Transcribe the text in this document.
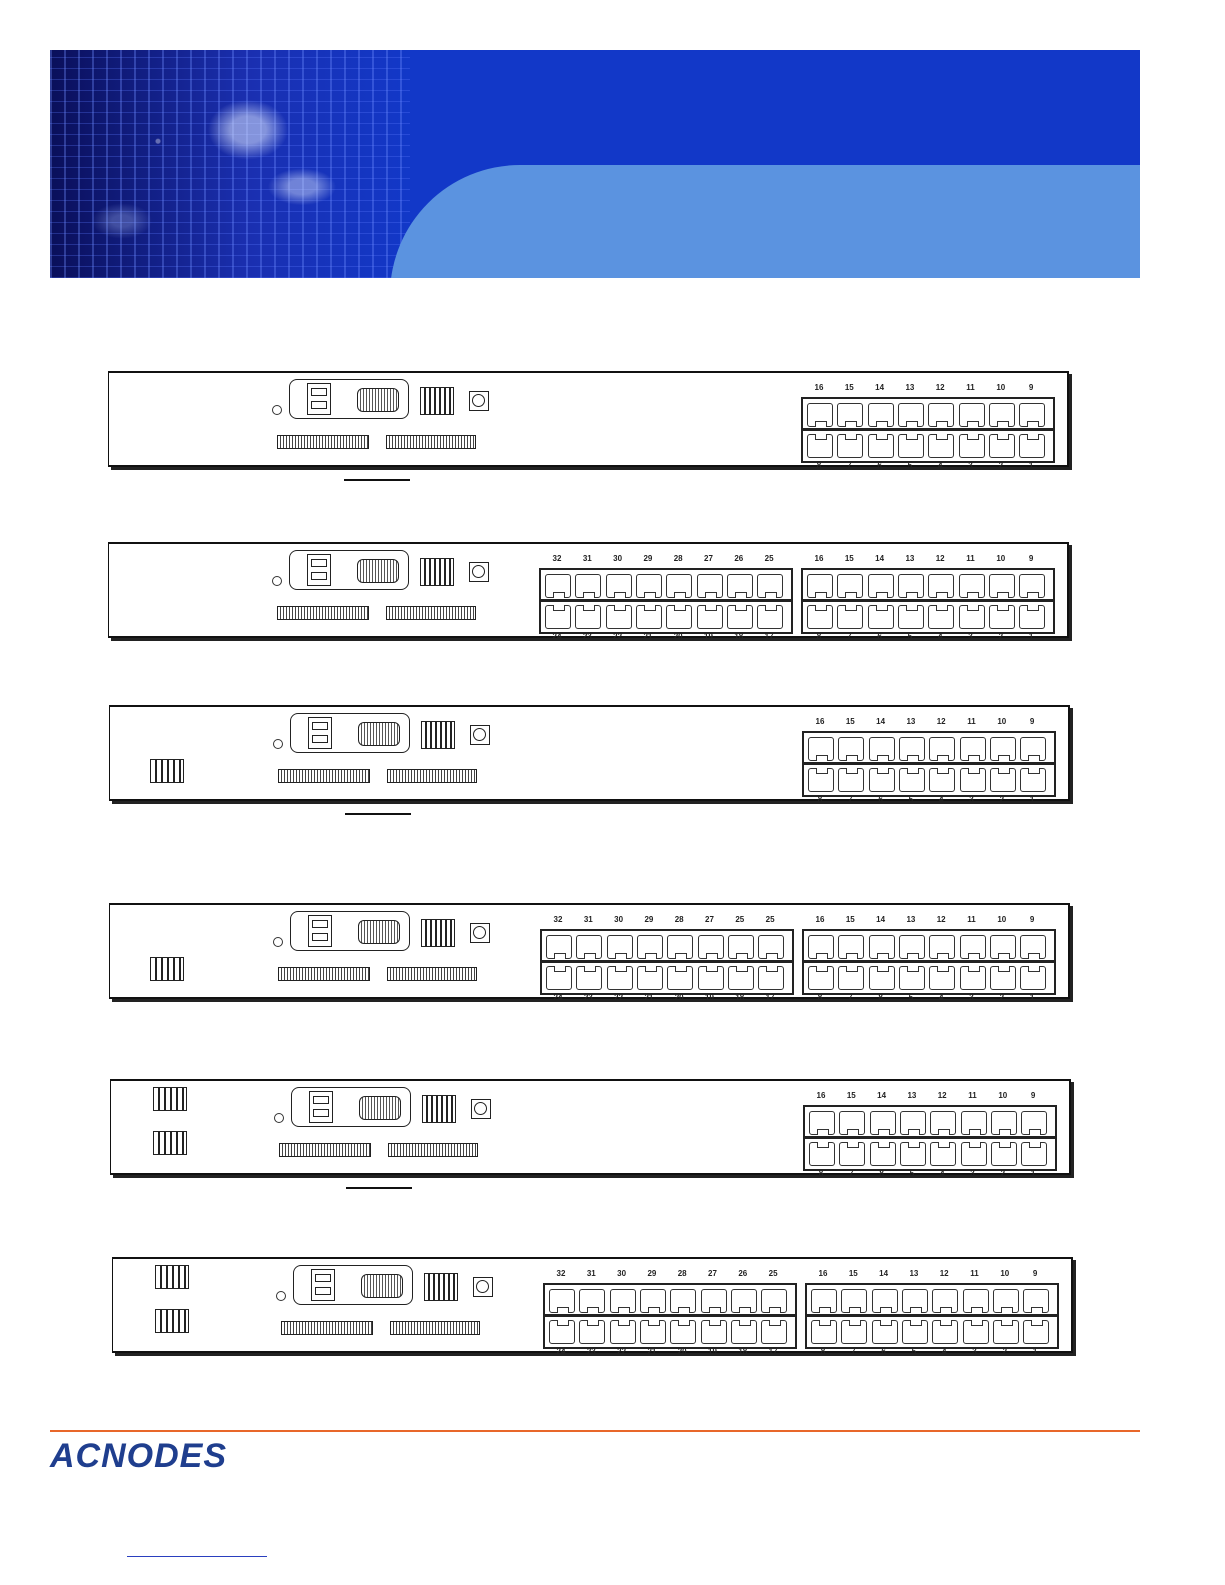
16
8
15
7
14
6
13
5
12
4
11
3
10
2
9
1
16
8
15
7
14
6
13
5
12
4
11
3
10
2
9
1
32
24
31
23
30
22
29
21
28
20
27
19
26
18
25
17
16
8
15
7
14
6
13
5
12
4
11
3
10
2
9
1
16
8
15
7
14
8
13
5
12
4
11
3
10
2
9
1
32
24
31
23
30
22
29
21
28
20
27
19
25
18
25
17
16
8
15
7
14
8
13
5
12
4
11
3
10
2
9
1
16
8
15
7
14
6
13
5
12
4
11
3
10
2
9
1
32
24
31
23
30
22
29
21
28
20
27
19
26
18
25
17
ACNODES
